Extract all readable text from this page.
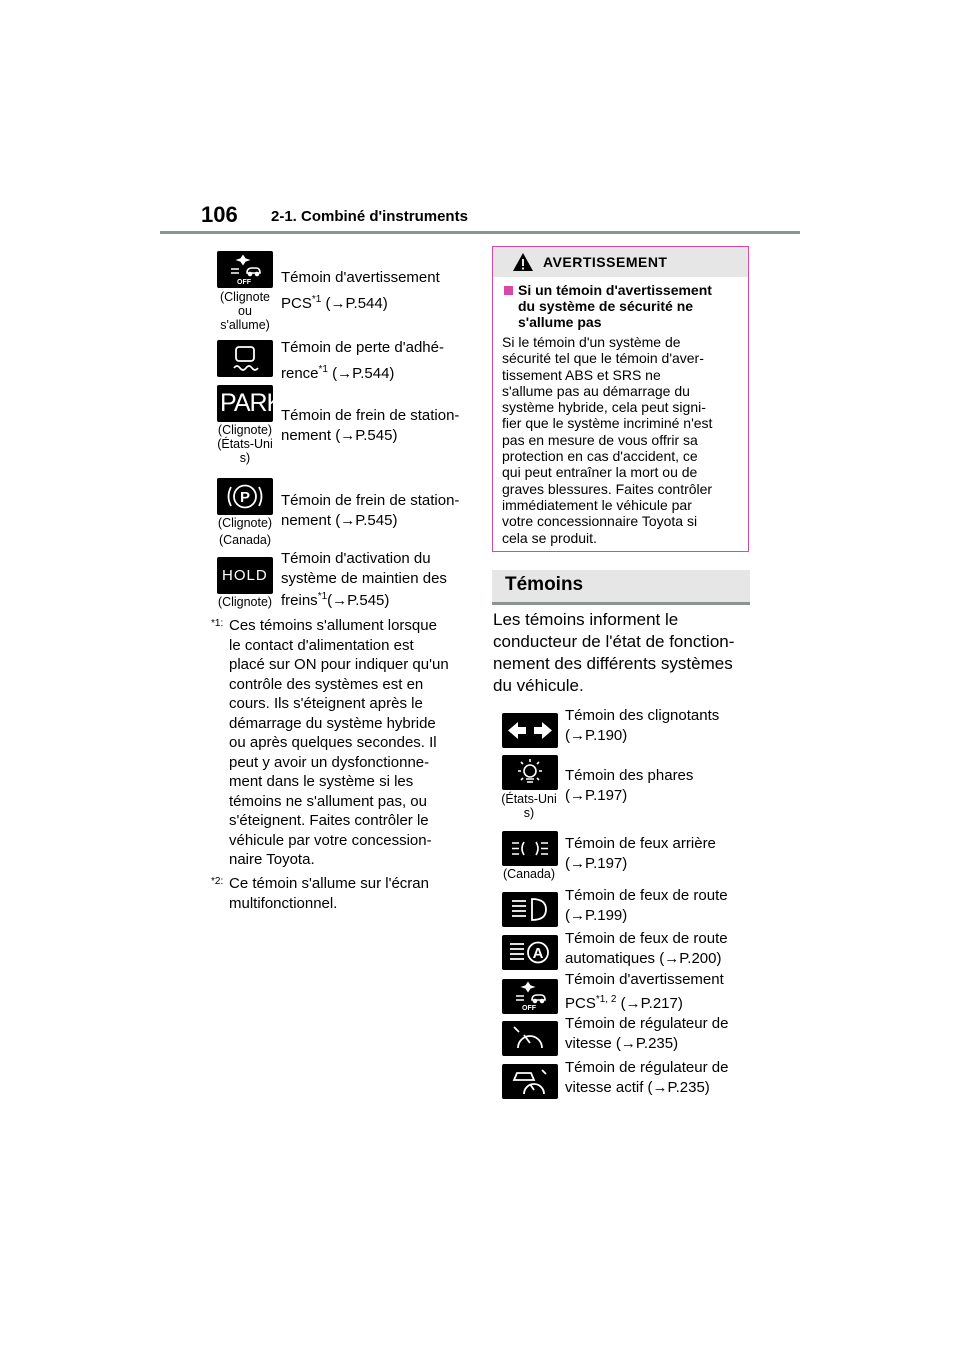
106 2-1. Combiné d'instruments
OFF
(Clignote
ou
s'allume)
Témoin d'avertissement
PCS$^{*1}$ (→P.544)
Témoin de perte d'adhé-
rence$^{*1}$ (→P.544)
PARK
(Clignote)
(États-Uni
s)
Témoin de frein de station-
nement (→P.545)
P
(Clignote)
(Canada)
Témoin de frein de station-
nement (→P.545)
HOLD
(Clignote)
Témoin d'activation du
système de maintien des
freins$^{*1}$(→P.545)
*1: Ces témoins s'allument lorsque
le contact d'alimentation est
placé sur ON pour indiquer qu'un
contrôle des systèmes est en
cours. Ils s'éteignent après le
démarrage du système hybride
ou après quelques secondes. Il
peut y avoir un dysfonctionne-
ment dans le système si les
témoins ne s'allument pas, ou
s'éteignent. Faites contrôler le
véhicule par votre concession-
naire Toyota.
*2: Ce témoin s'allume sur l'écran
multifonctionnel.
AVERTISSEMENT
Si un témoin d'avertissement
du système de sécurité ne
s'allume pas
Si le témoin d'un système de
sécurité tel que le témoin d'aver-
tissement ABS et SRS ne
s'allume pas au démarrage du
système hybride, cela peut signi-
fier que le système incriminé n'est
pas en mesure de vous offrir sa
protection en cas d'accident, ce
qui peut entraîner la mort ou de
graves blessures. Faites contrôler
immédiatement le véhicule par
votre concessionnaire Toyota si
cela se produit.
Témoins
Les témoins informent le
conducteur de l'état de fonction-
nement des différents systèmes
du véhicule.
Témoin des clignotants
(→P.190)
(États-Uni
s)
Témoin des phares
(→P.197)
(Canada)
Témoin de feux arrière
(→P.197)
Témoin de feux de route
(→P.199)
A
Témoin de feux de route
automatiques (→P.200)
OFF
Témoin d'avertissement
PCS$^{*1, 2}$ (→P.217)
Témoin de régulateur de
vitesse (→P.235)
Témoin de régulateur de
vitesse actif (→P.235)
